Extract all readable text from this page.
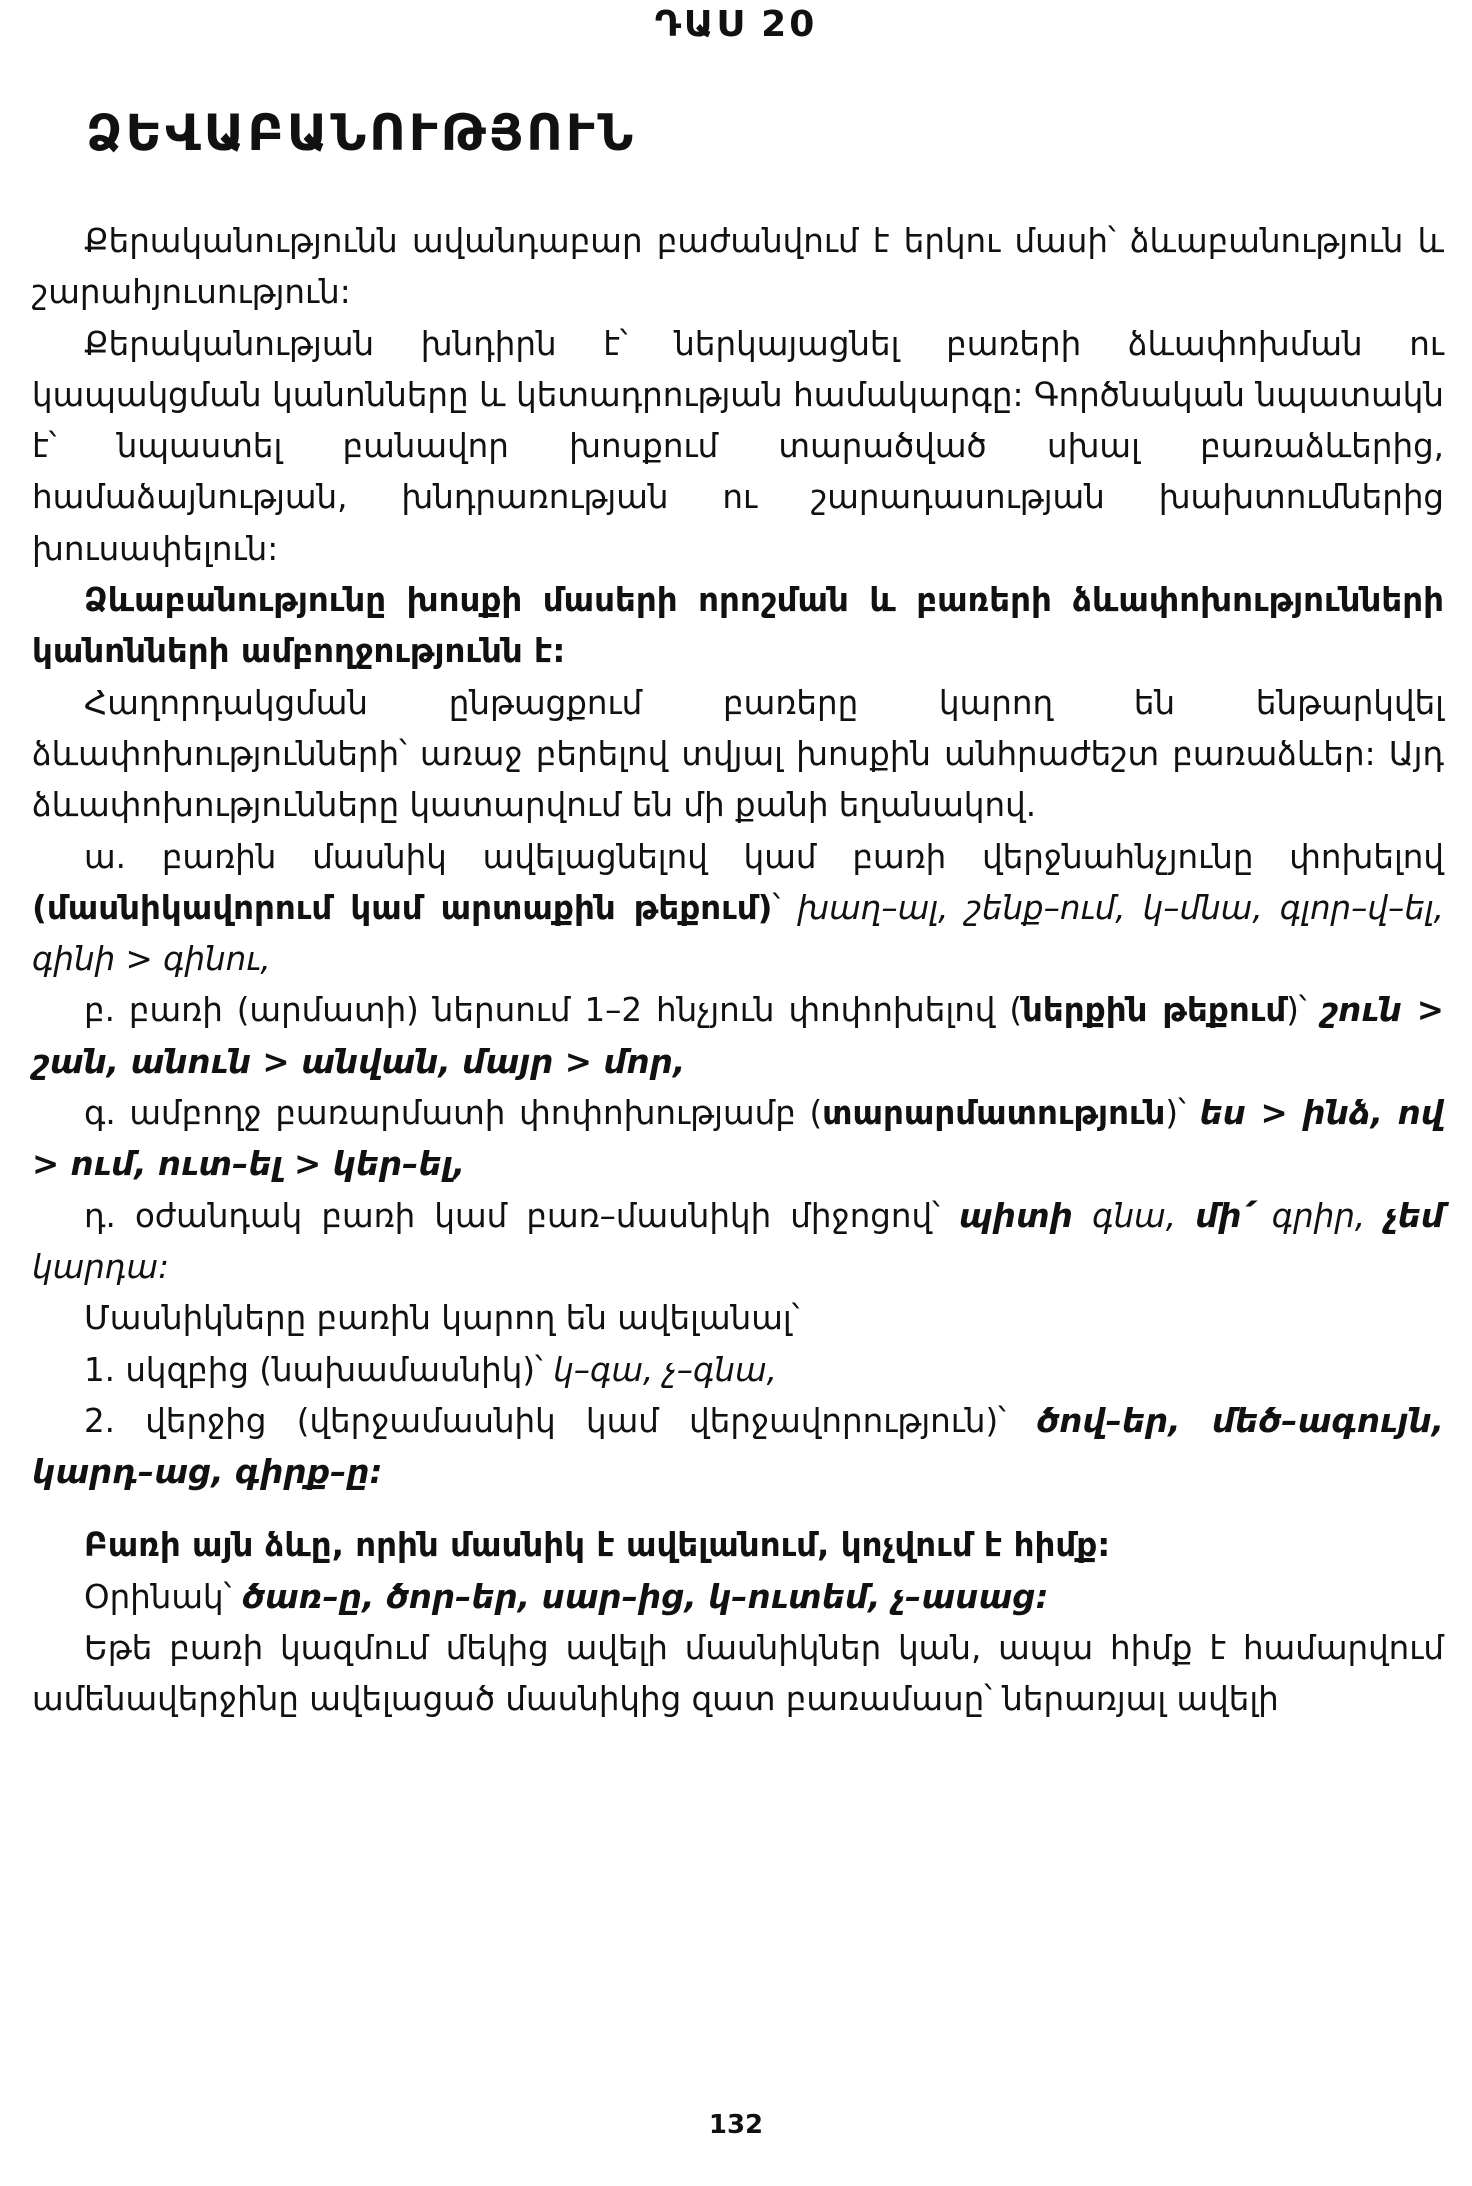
ԴԱՍ 20
ՁԵՎԱԲԱՆՈՒԹՅՈՒՆ

Քերականությունն ավանդաբար բաժանվում է երկու մասի՝ ձևաբանություն և շարահյուսություն:

Քերականության խնդիրն է՝ ներկայացնել բառերի ձևափոխման ու կապակցման կանոնները և կետադրության համակարգը: Գործնական նպատակն է՝ նպաստել բանավոր խոսքում տարածված սխալ բառաձևերից, համաձայնության, խնդրառության ու շարադասության խախտումներից խուսափելուն:

Ձևաբանությունը խոսքի մասերի որոշման և բառերի ձևափոխությունների կանոնների ամբողջությունն է:

Հաղորդակցման ընթացքում բառերը կարող են ենթարկվել ձևափոխությունների՝ առաջ բերելով տվյալ խոսքին անհրաժեշտ բառաձևեր: Այդ ձևափոխությունները կատարվում են մի քանի եղանակով.

ա. բառին մասնիկ ավելացնելով կամ բառի վերջնահնչյունը փոխելով (մասնիկավորում կամ արտաքին թեքում)՝ խաղ–ալ, շենք–ում, կ–մնա, գլոր–վ–ել, գինի > գինու,

բ. բառի (արմատի) ներսում 1–2 հնչյուն փոփոխելով (ներքին թեքում)՝ շուն > շան, անուն > անվան, մայր > մոր,

գ. ամբողջ բառարմատի փոփոխությամբ (տարարմատություն)՝ ես > ինձ, ով > ում, ուտ–ել > կեր–ել,

դ. օժանդակ բառի կամ բառ–մասնիկի միջոցով՝ պիտի գնա, մի՛ գրիր, չեմ կարդա:

Մասնիկները բառին կարող են ավելանալ՝

1. սկզբից (նախամասնիկ)՝ կ–գա, չ–գնա,

2. վերջից (վերջամասնիկ կամ վերջավորություն)՝ ծով–եր, մեծ–ագույն, կարդ–աց, գիրք–ը:

Բառի այն ձևը, որին մասնիկ է ավելանում, կոչվում է հիմք:

Օրինակ՝ ծառ–ը, ծոր–եր, սար–ից, կ–ուտեմ, չ–ասաց:

Եթե բառի կազմում մեկից ավելի մասնիկներ կան, ապա հիմք է համարվում ամենավերջինը ավելացած մասնիկից զատ բառամասը՝ ներառյալ ավելի

132
